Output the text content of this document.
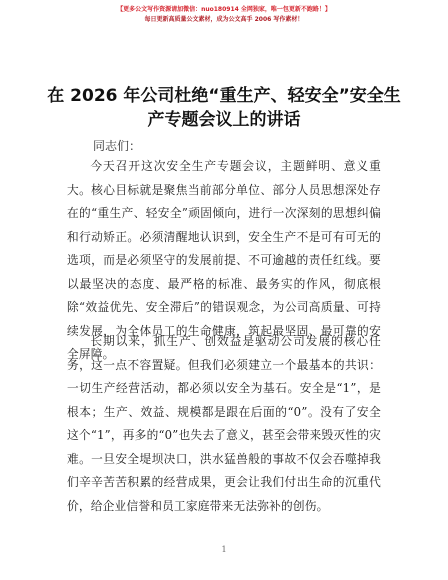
【更多公文写作资源请加微信：nuo180914 全网独家，唯一包更新不跑路！】
每日更新高质量公文素材，成为公文高手 2006 写作素材！
在 2026 年公司杜绝“重生产、轻安全”安全生产专题会议上的讲话
同志们：

今天召开这次安全生产专题会议，主题鲜明、意义重大。核心目标就是聚焦当前部分单位、部分人员思想深处存在的“重生产、轻安全”顽固倾向，进行一次深刻的思想纠偏和行动矫正。必须清醒地认识到，安全生产不是可有可无的选项，而是必须坚守的发展前提、不可逾越的责任红线。要以最坚决的态度、最严格的标准、最务实的作风，彻底根除“效益优先、安全滞后”的错误观念，为公司高质量、可持续发展，为全体员工的生命健康，筑起最坚固、最可靠的安全屏障。

长期以来，抓生产、创效益是驱动公司发展的核心任务，这一点不容置疑。但我们必须建立一个最基本的共识：一切生产经营活动，都必须以安全为基石。安全是“1”，是根本；生产、效益、规模都是跟在后面的“0”。没有了安全这个“1”，再多的“0”也失去了意义，甚至会带来毁灭性的灾难。一旦安全堤坝决口，洪水猛兽般的事故不仅会吞噬掉我们辛辛苦苦积累的经营成果，更会让我们付出生命的沉重代价，给企业信誉和员工家庭带来无法弥补的创伤。

1
